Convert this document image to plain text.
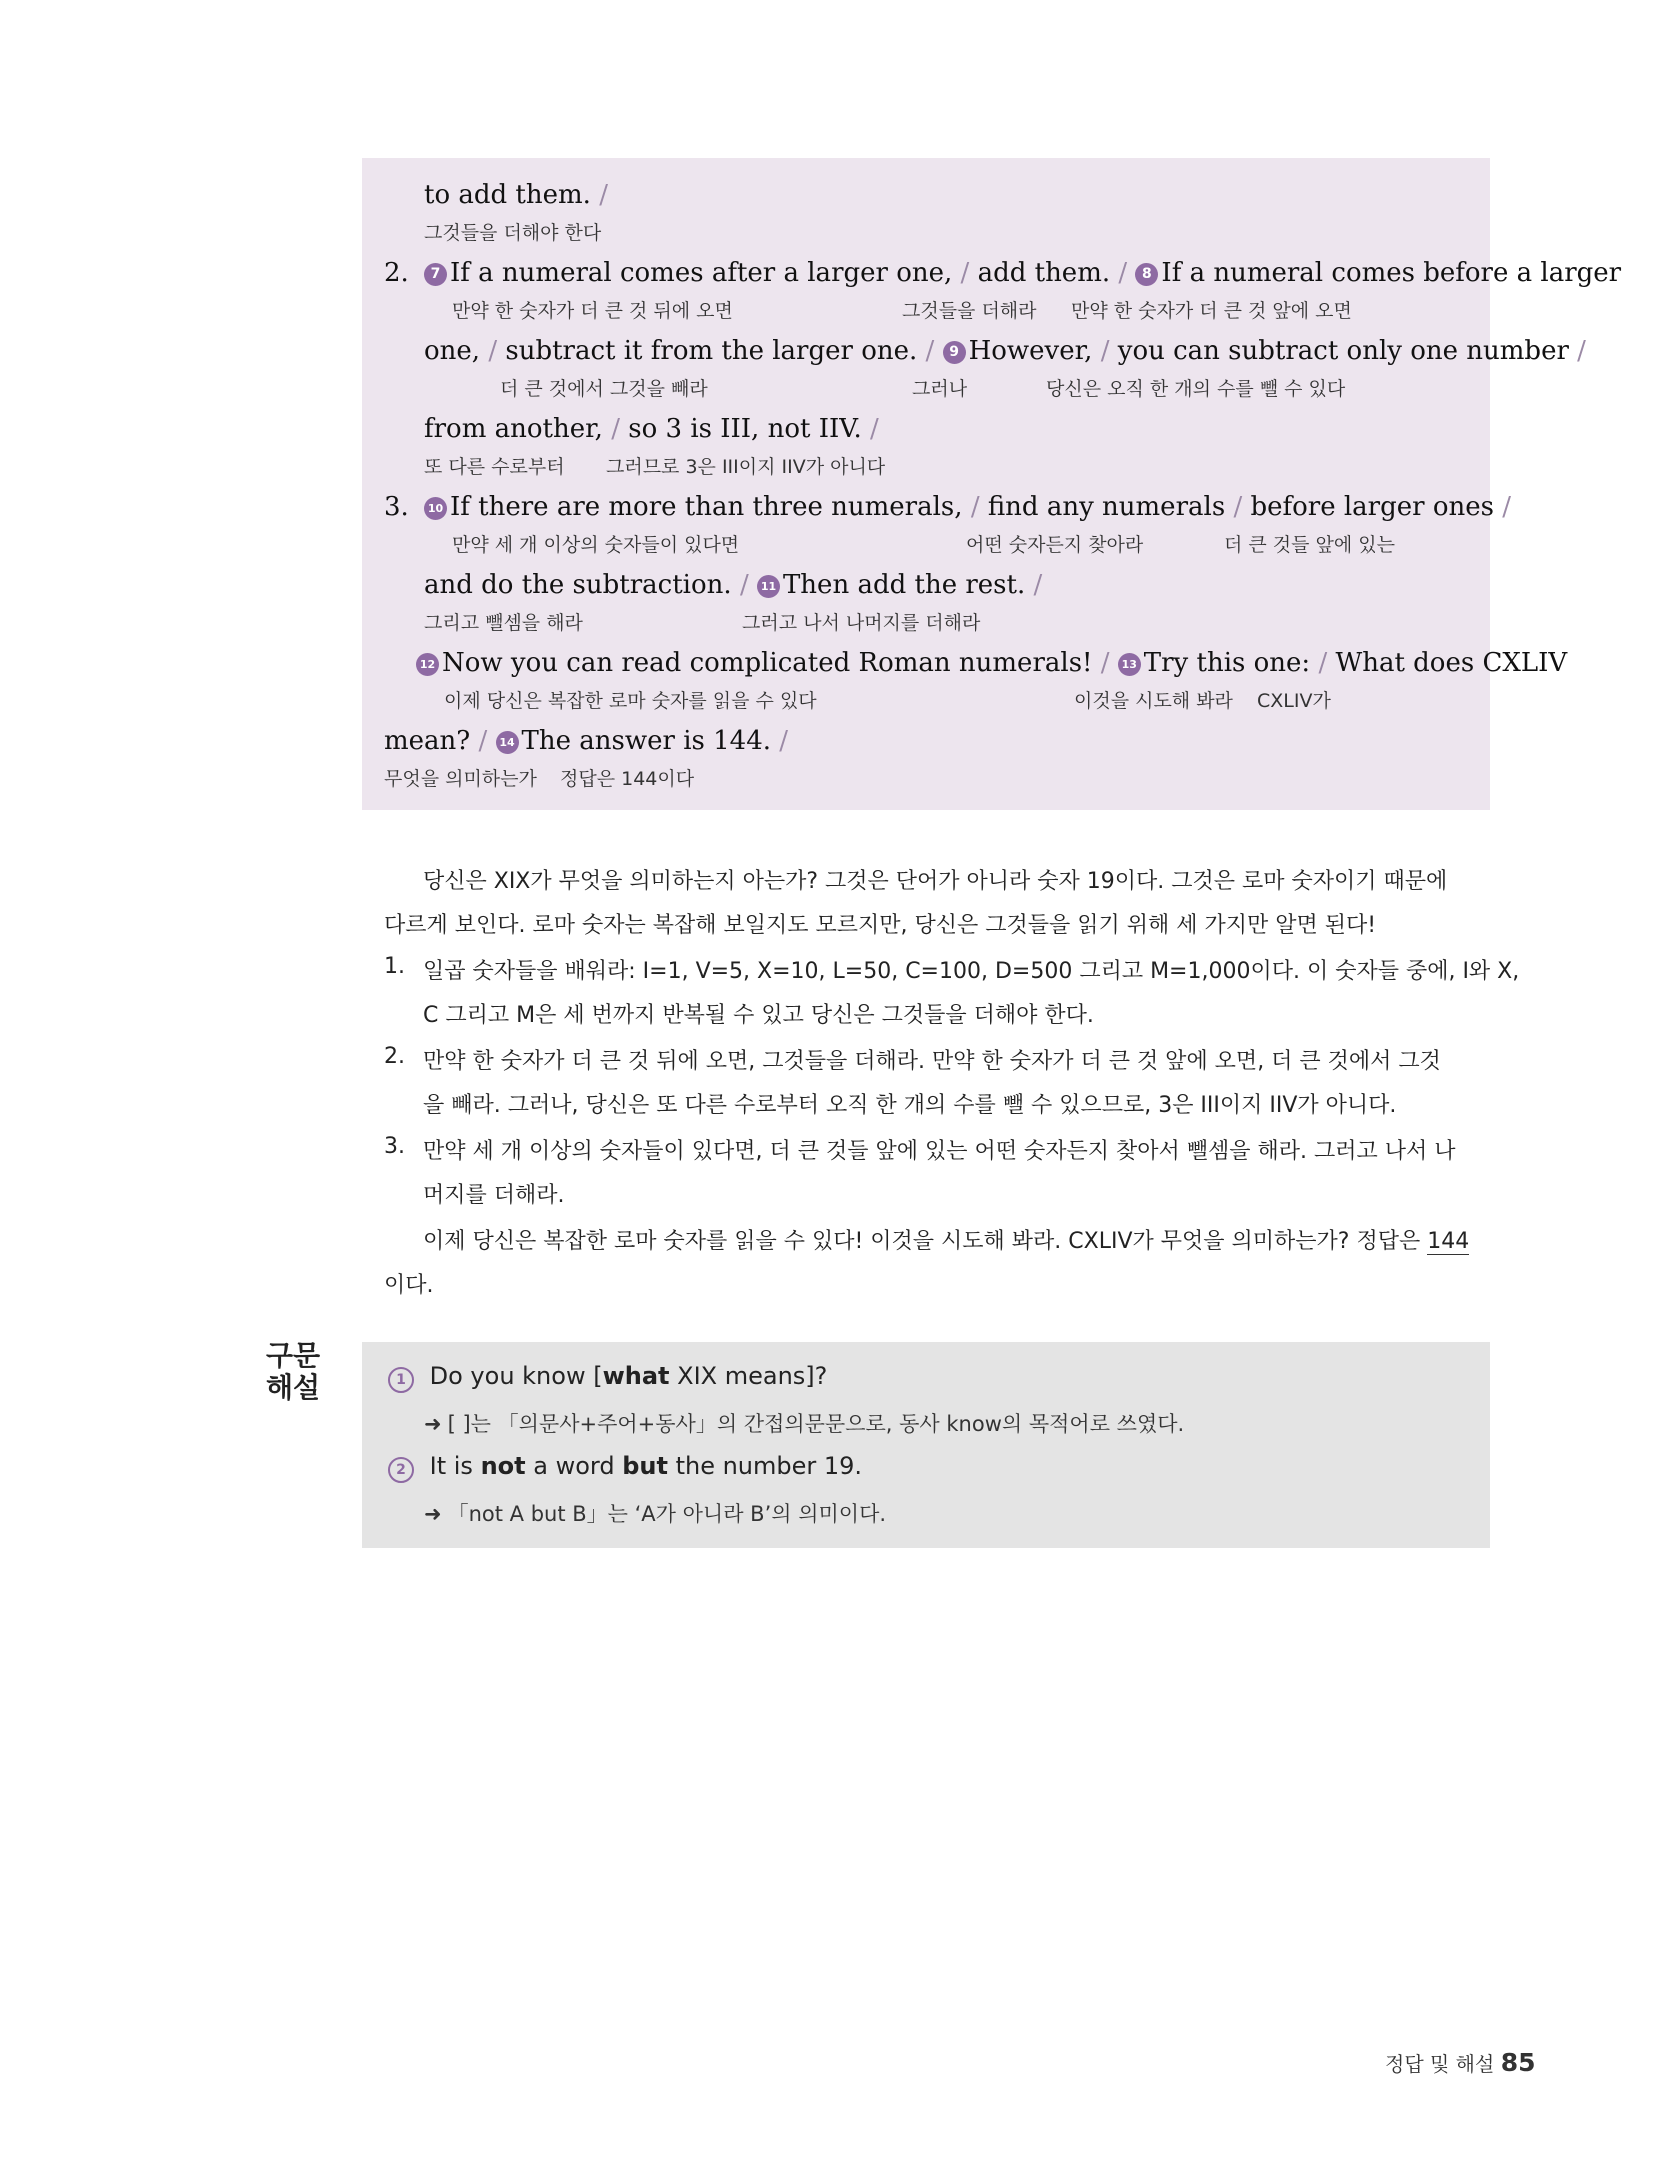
to add them. /
그것들을 더해야 한다
2.	7 If a numeral comes after a larger one, / add them. / 8 If a numeral comes before a larger
만약 한 숫자가 더 큰 것 뒤에 오면	그것들을 더해라 만약 한 숫자가 더 큰 것 앞에 오면
one, / subtract it from the larger one. / 9 However, / you can subtract only one number /
더 큰 것에서 그것을 빼라	그러나	당신은 오직 한 개의 수를 뺄 수 있다
from another, / so 3 is III, not IIV. /
또 다른 수로부터 그러므로 3은 III이지 IIV가 아니다
3.	10 If there are more than three numerals, / find any numerals / before larger ones /
만약 세 개 이상의 숫자들이 있다면	어떤 숫자든지 찾아라	더 큰 것들 앞에 있는
and do the subtraction. / 11 Then add the rest. /
그리고 뺄셈을 해라	그러고 나서 나머지를 더해라
12 Now you can read complicated Roman numerals! / 13 Try this one: / What does CXLIV
이제 당신은 복잡한 로마 숫자를 읽을 수 있다	이것을 시도해 봐라 CXLIV가
mean? / 14 The answer is 144. /
무엇을 의미하는가 정답은 144이다
당신은 XIX가 무엇을 의미하는지 아는가? 그것은 단어가 아니라 숫자 19이다. 그것은 로마 숫자이기 때문에
다르게 보인다. 로마 숫자는 복잡해 보일지도 모르지만, 당신은 그것들을 읽기 위해 세 가지만 알면 된다!
1. 일곱 숫자들을 배워라: I=1, V=5, X=10, L=50, C=100, D=500 그리고 M=1,000이다. 이 숫자들 중에, I와 X,
C 그리고 M은 세 번까지 반복될 수 있고 당신은 그것들을 더해야 한다.
2. 만약 한 숫자가 더 큰 것 뒤에 오면, 그것들을 더해라. 만약 한 숫자가 더 큰 것 앞에 오면, 더 큰 것에서 그것
을 빼라. 그러나, 당신은 또 다른 수로부터 오직 한 개의 수를 뺄 수 있으므로, 3은 III이지 IIV가 아니다.
3. 만약 세 개 이상의 숫자들이 있다면, 더 큰 것들 앞에 있는 어떤 숫자든지 찾아서 뺄셈을 해라. 그러고 나서 나
머지를 더해라.
이제 당신은 복잡한 로마 숫자를 읽을 수 있다! 이것을 시도해 봐라. CXLIV가 무엇을 의미하는가? 정답은 144
이다.
구문
해설	1 Do you know [what XIX means]?
➜ [ ]는 「의문사+주어+동사」의 간접의문문으로, 동사 know의 목적어로 쓰였다.
2 It is not a word but the number 19.
➜ 「not A but B」는 ‘A가 아니라 B’의 의미이다.
정답 및 해설 85
